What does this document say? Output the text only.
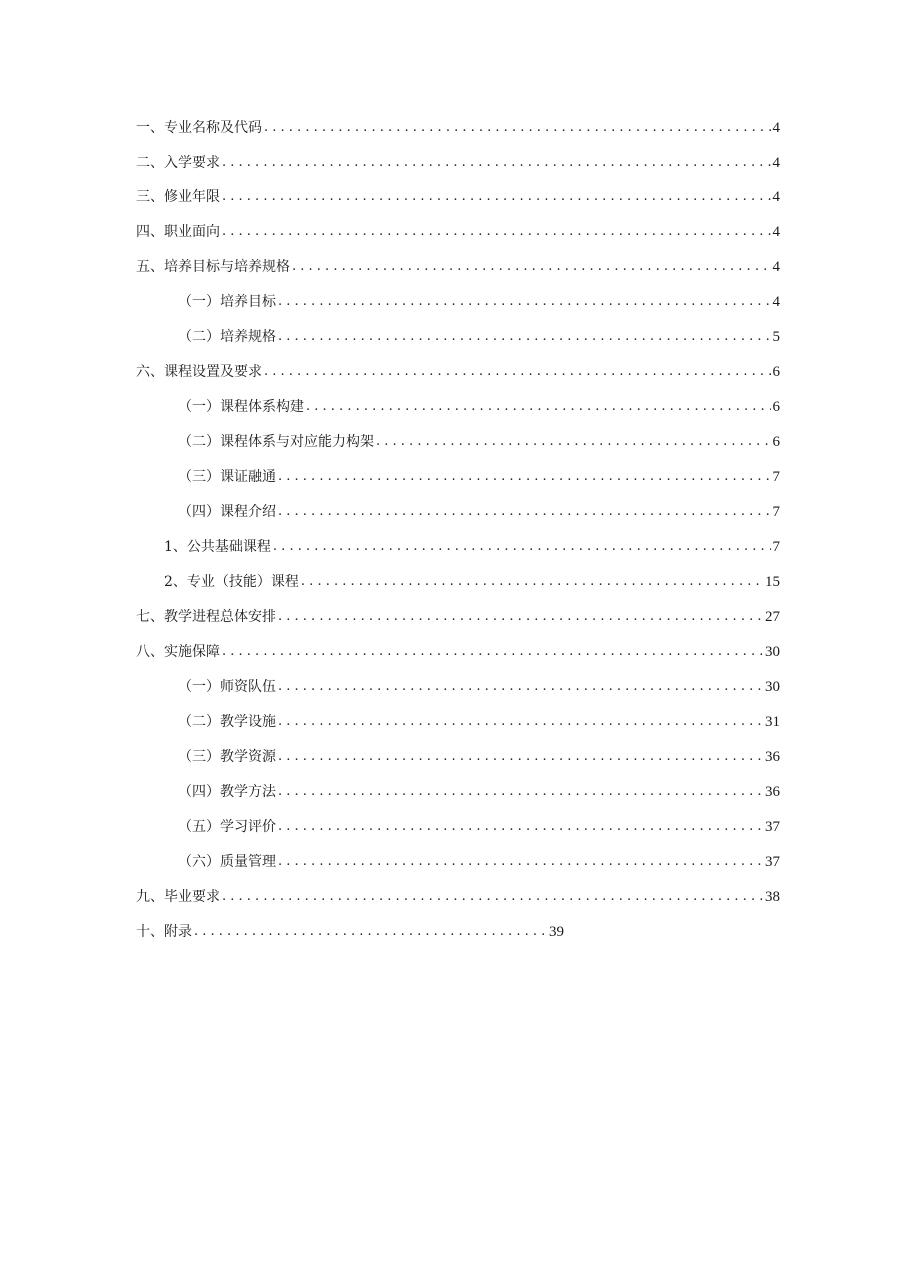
一、专业名称及代码 . . .	4
二、入学要求 . . .	4
三、修业年限 . . .	4
四、职业面向 . . .	4
五、培养目标与培养规格 . . .	4
（一）培养目标 . . .	4
（二）培养规格 . . .	5
六、课程设置及要求 . . .	6
（一）课程体系构建 . . .	6
（二）课程体系与对应能力构架 . . .	6
（三）课证融通 . . .	7
（四）课程介绍 . . .	7
1、公共基础课程 . . .	7
2、专业（技能）课程 . . .	15
七、教学进程总体安排 . . .	27
八、实施保障 . . .	30
（一）师资队伍 . . .	30
（二）教学设施 . . .	31
（三）教学资源 . . .	36
（四）教学方法 . . .	36
（五）学习评价 . . .	37
（六）质量管理 . . .	37
九、毕业要求 . . .	38
十、附录 . . .	39
